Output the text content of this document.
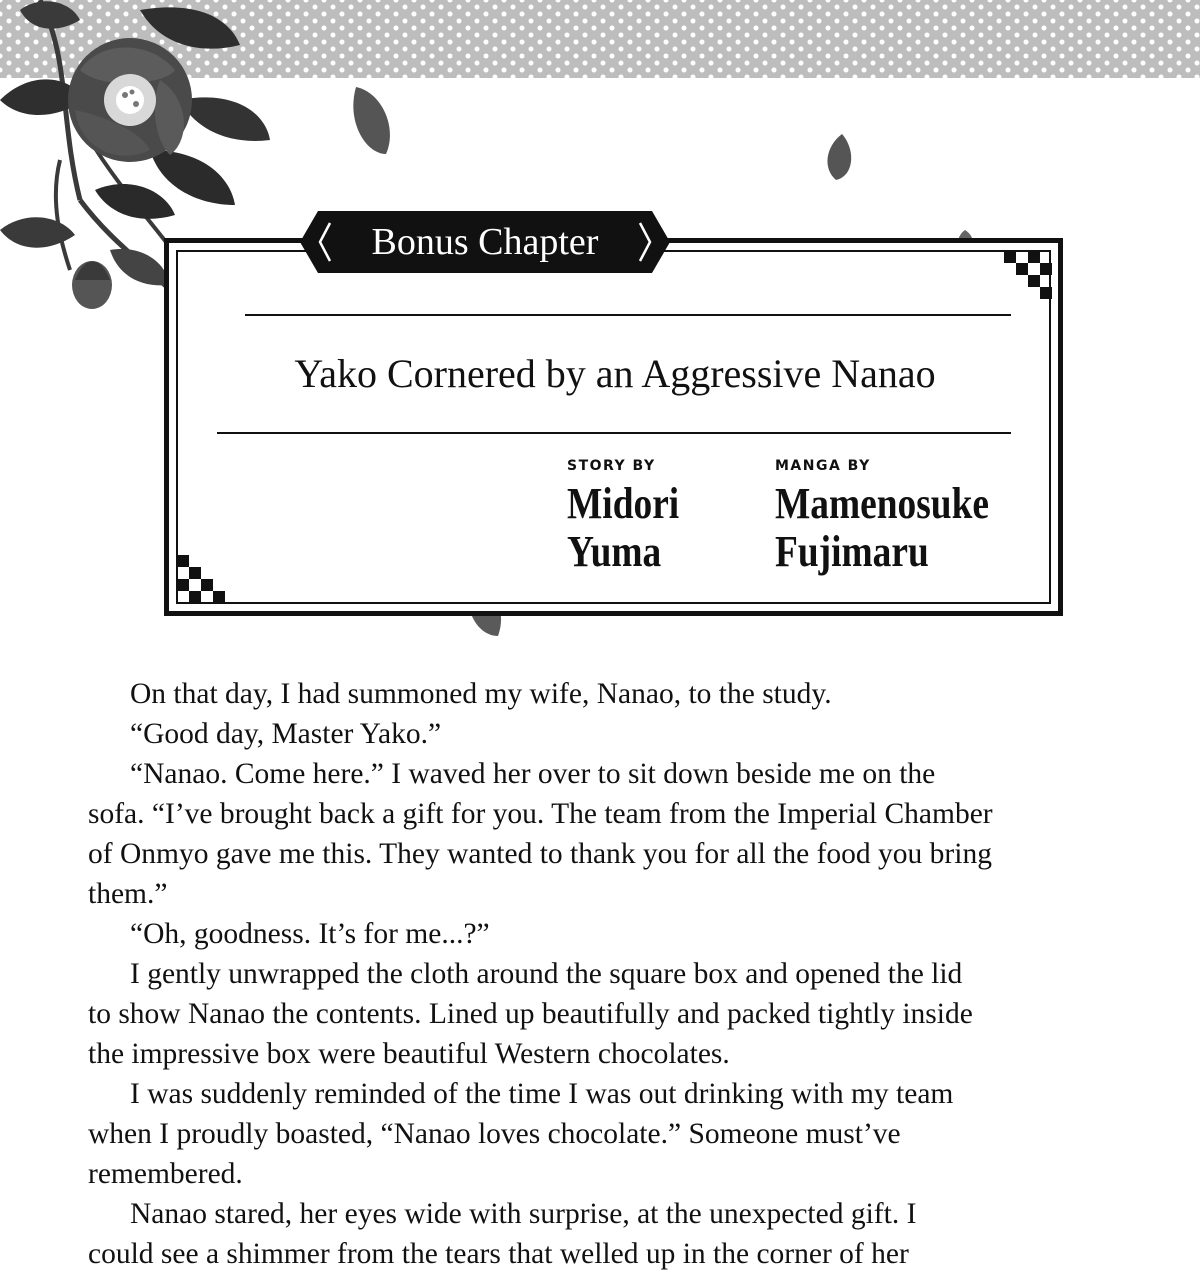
Bonus Chapter
Yako Cornered by an Aggressive Nanao
STORY BY
Midori
Yuma
MANGA BY
Mamenosuke
Fujimaru
On that day, I had summoned my wife, Nanao, to the study.
“Good day, Master Yako.”
“Nanao. Come here.” I waved her over to sit down beside me on the
sofa. “I’ve brought back a gift for you. The team from the Imperial Chamber
of Onmyo gave me this. They wanted to thank you for all the food you bring
them.”
“Oh, goodness. It’s for me...?”
I gently unwrapped the cloth around the square box and opened the lid
to show Nanao the contents. Lined up beautifully and packed tightly inside
the impressive box were beautiful Western chocolates.
I was suddenly reminded of the time I was out drinking with my team
when I proudly boasted, “Nanao loves chocolate.” Someone must’ve
remembered.
Nanao stared, her eyes wide with surprise, at the unexpected gift. I
could see a shimmer from the tears that welled up in the corner of her
